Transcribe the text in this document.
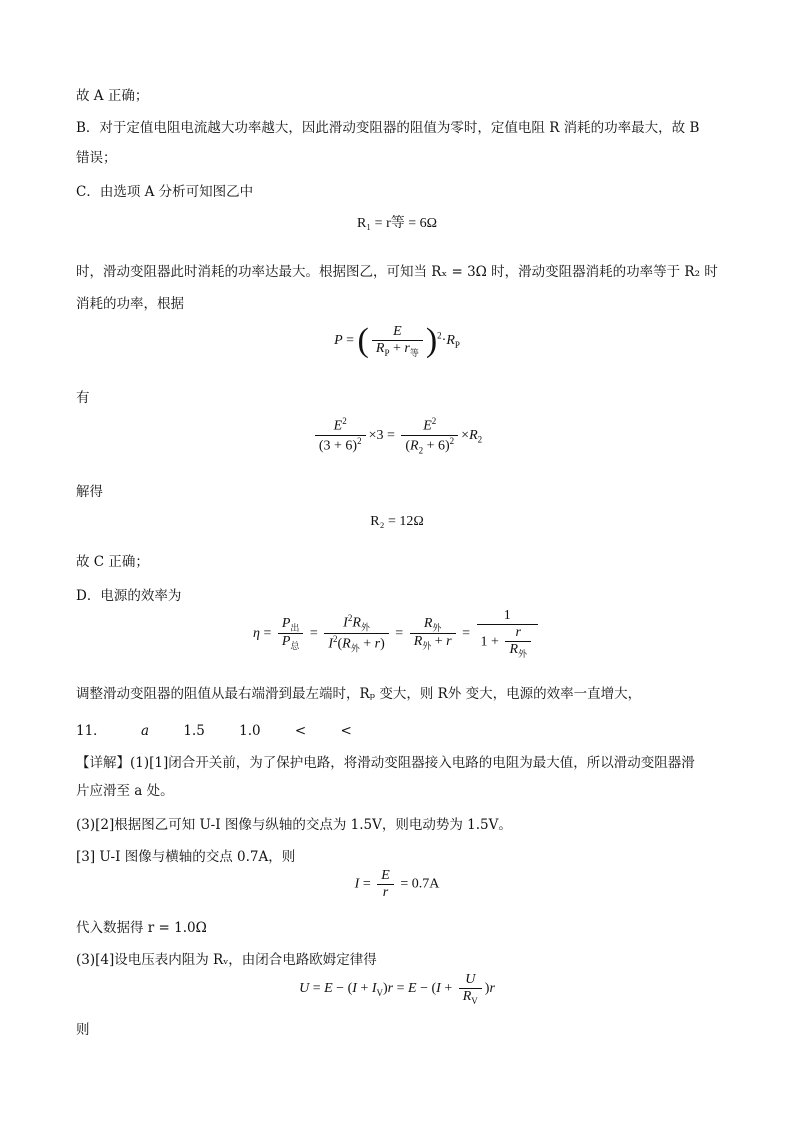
故 A 正确；
B．对于定值电阻电流越大功率越大，因此滑动变阻器的阻值为零时，定值电阻 R 消耗的功率最大，故 B
错误；
C．由选项 A 分析可知图乙中
R₁ = r等 = 6Ω
时，滑动变阻器此时消耗的功率达最大。根据图乙，可知当 Rₓ = 3Ω 时，滑动变阻器消耗的功率等于 R₂ 时
消耗的功率，根据
P = ( $\frac{E}{R_P + r_等} )^2\cdot R_P$
有
$\frac{E^2}{(3 + 6)^2} \times 3 = \frac{E^2}{(R_2 + 6)^2} \times R_2$
解得
R₂ = 12Ω
故 C 正确；
D．电源的效率为
$\eta = \frac{P_出}{P_总} = \frac{I^2R_外}{I^2(R_外 + r)} = \frac{R_外}{R_外 + r} = \frac{1}{1 + \frac{r}{R_外}}$
调整滑动变阻器的阻值从最右端滑到最左端时，Rₚ 变大，则 R外 变大，电源的效率一直增大，
11．	a	1.5	1.0	<	<
【详解】(1)[1]闭合开关前，为了保护电路，将滑动变阻器接入电路的电阻为最大值，所以滑动变阻器滑
片应滑至 a 处。
(3)[2]根据图乙可知 U-I 图像与纵轴的交点为 1.5V，则电动势为 1.5V。
[3] U-I 图像与横轴的交点 0.7A，则
$I = \frac{E}{r} = 0.7A$
代入数据得 r = 1.0Ω
(3)[4]设电压表内阻为 Rᵥ，由闭合电路欧姆定律得
$U = E - (I + I_V)r = E - (I + \frac{U}{R_V} )r$
则
